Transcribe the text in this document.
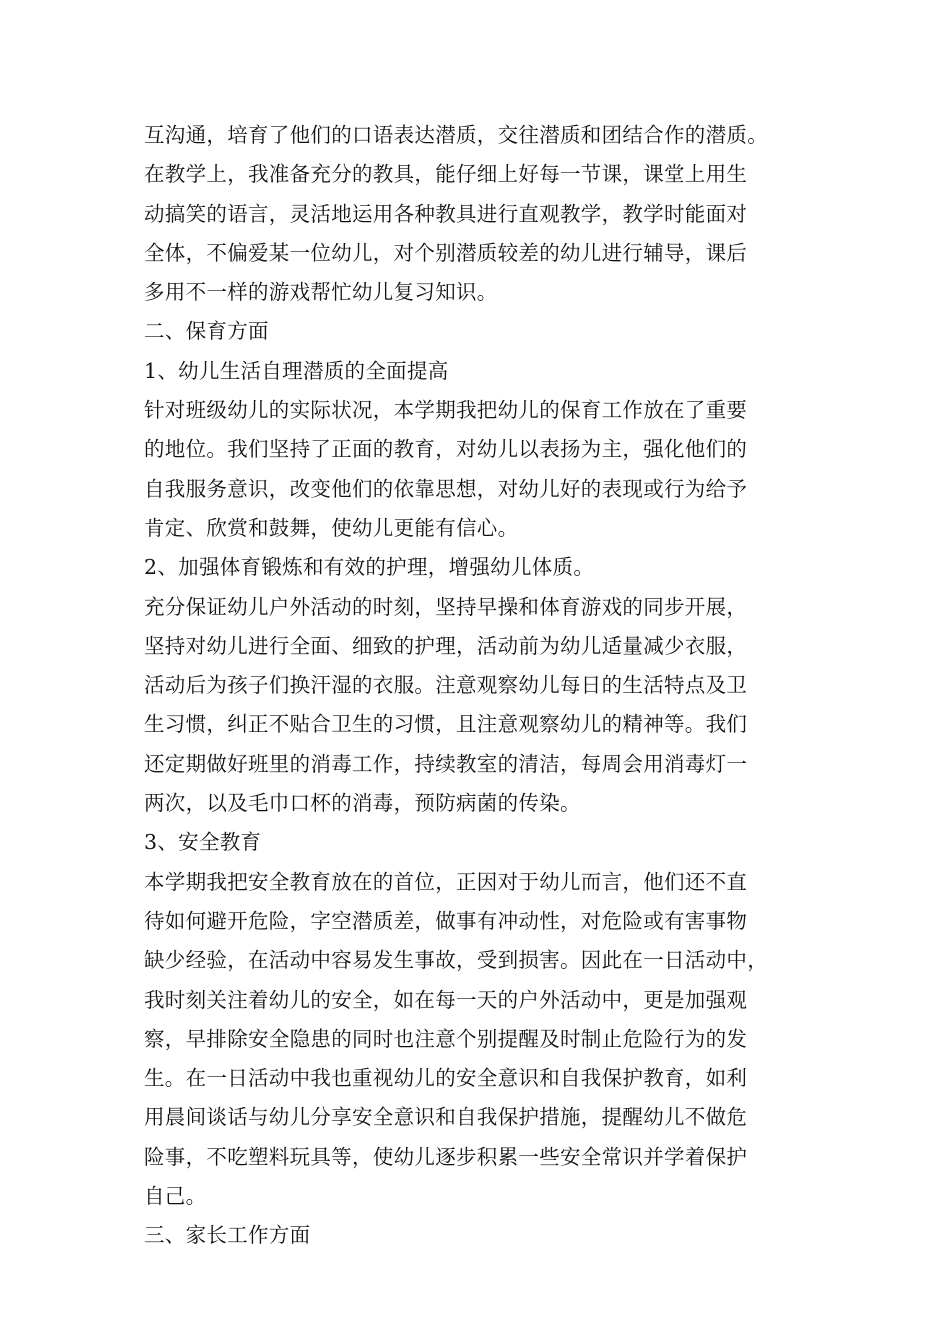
互沟通，培育了他们的口语表达潜质，交往潜质和团结合作的潜质。
在教学上，我准备充分的教具，能仔细上好每一节课，课堂上用生
动搞笑的语言，灵活地运用各种教具进行直观教学，教学时能面对
全体，不偏爱某一位幼儿，对个别潜质较差的幼儿进行辅导，课后
多用不一样的游戏帮忙幼儿复习知识。
二、保育方面
1、幼儿生活自理潜质的全面提高
针对班级幼儿的实际状况，本学期我把幼儿的保育工作放在了重要
的地位。我们坚持了正面的教育，对幼儿以表扬为主，强化他们的
自我服务意识，改变他们的依靠思想，对幼儿好的表现或行为给予
肯定、欣赏和鼓舞，使幼儿更能有信心。
2、加强体育锻炼和有效的护理，增强幼儿体质。
充分保证幼儿户外活动的时刻，坚持早操和体育游戏的同步开展，
坚持对幼儿进行全面、细致的护理，活动前为幼儿适量减少衣服，
活动后为孩子们换汗湿的衣服。注意观察幼儿每日的生活特点及卫
生习惯，纠正不贴合卫生的习惯，且注意观察幼儿的精神等。我们
还定期做好班里的消毒工作，持续教室的清洁，每周会用消毒灯一
两次，以及毛巾口杯的消毒，预防病菌的传染。
3、安全教育
本学期我把安全教育放在的首位，正因对于幼儿而言，他们还不直
待如何避开危险，字空潜质差，做事有冲动性，对危险或有害事物
缺少经验，在活动中容易发生事故，受到损害。因此在一日活动中，
我时刻关注着幼儿的安全，如在每一天的户外活动中，更是加强观
察，早排除安全隐患的同时也注意个别提醒及时制止危险行为的发
生。在一日活动中我也重视幼儿的安全意识和自我保护教育，如利
用晨间谈话与幼儿分享安全意识和自我保护措施，提醒幼儿不做危
险事，不吃塑料玩具等，使幼儿逐步积累一些安全常识并学着保护
自己。
三、家长工作方面
